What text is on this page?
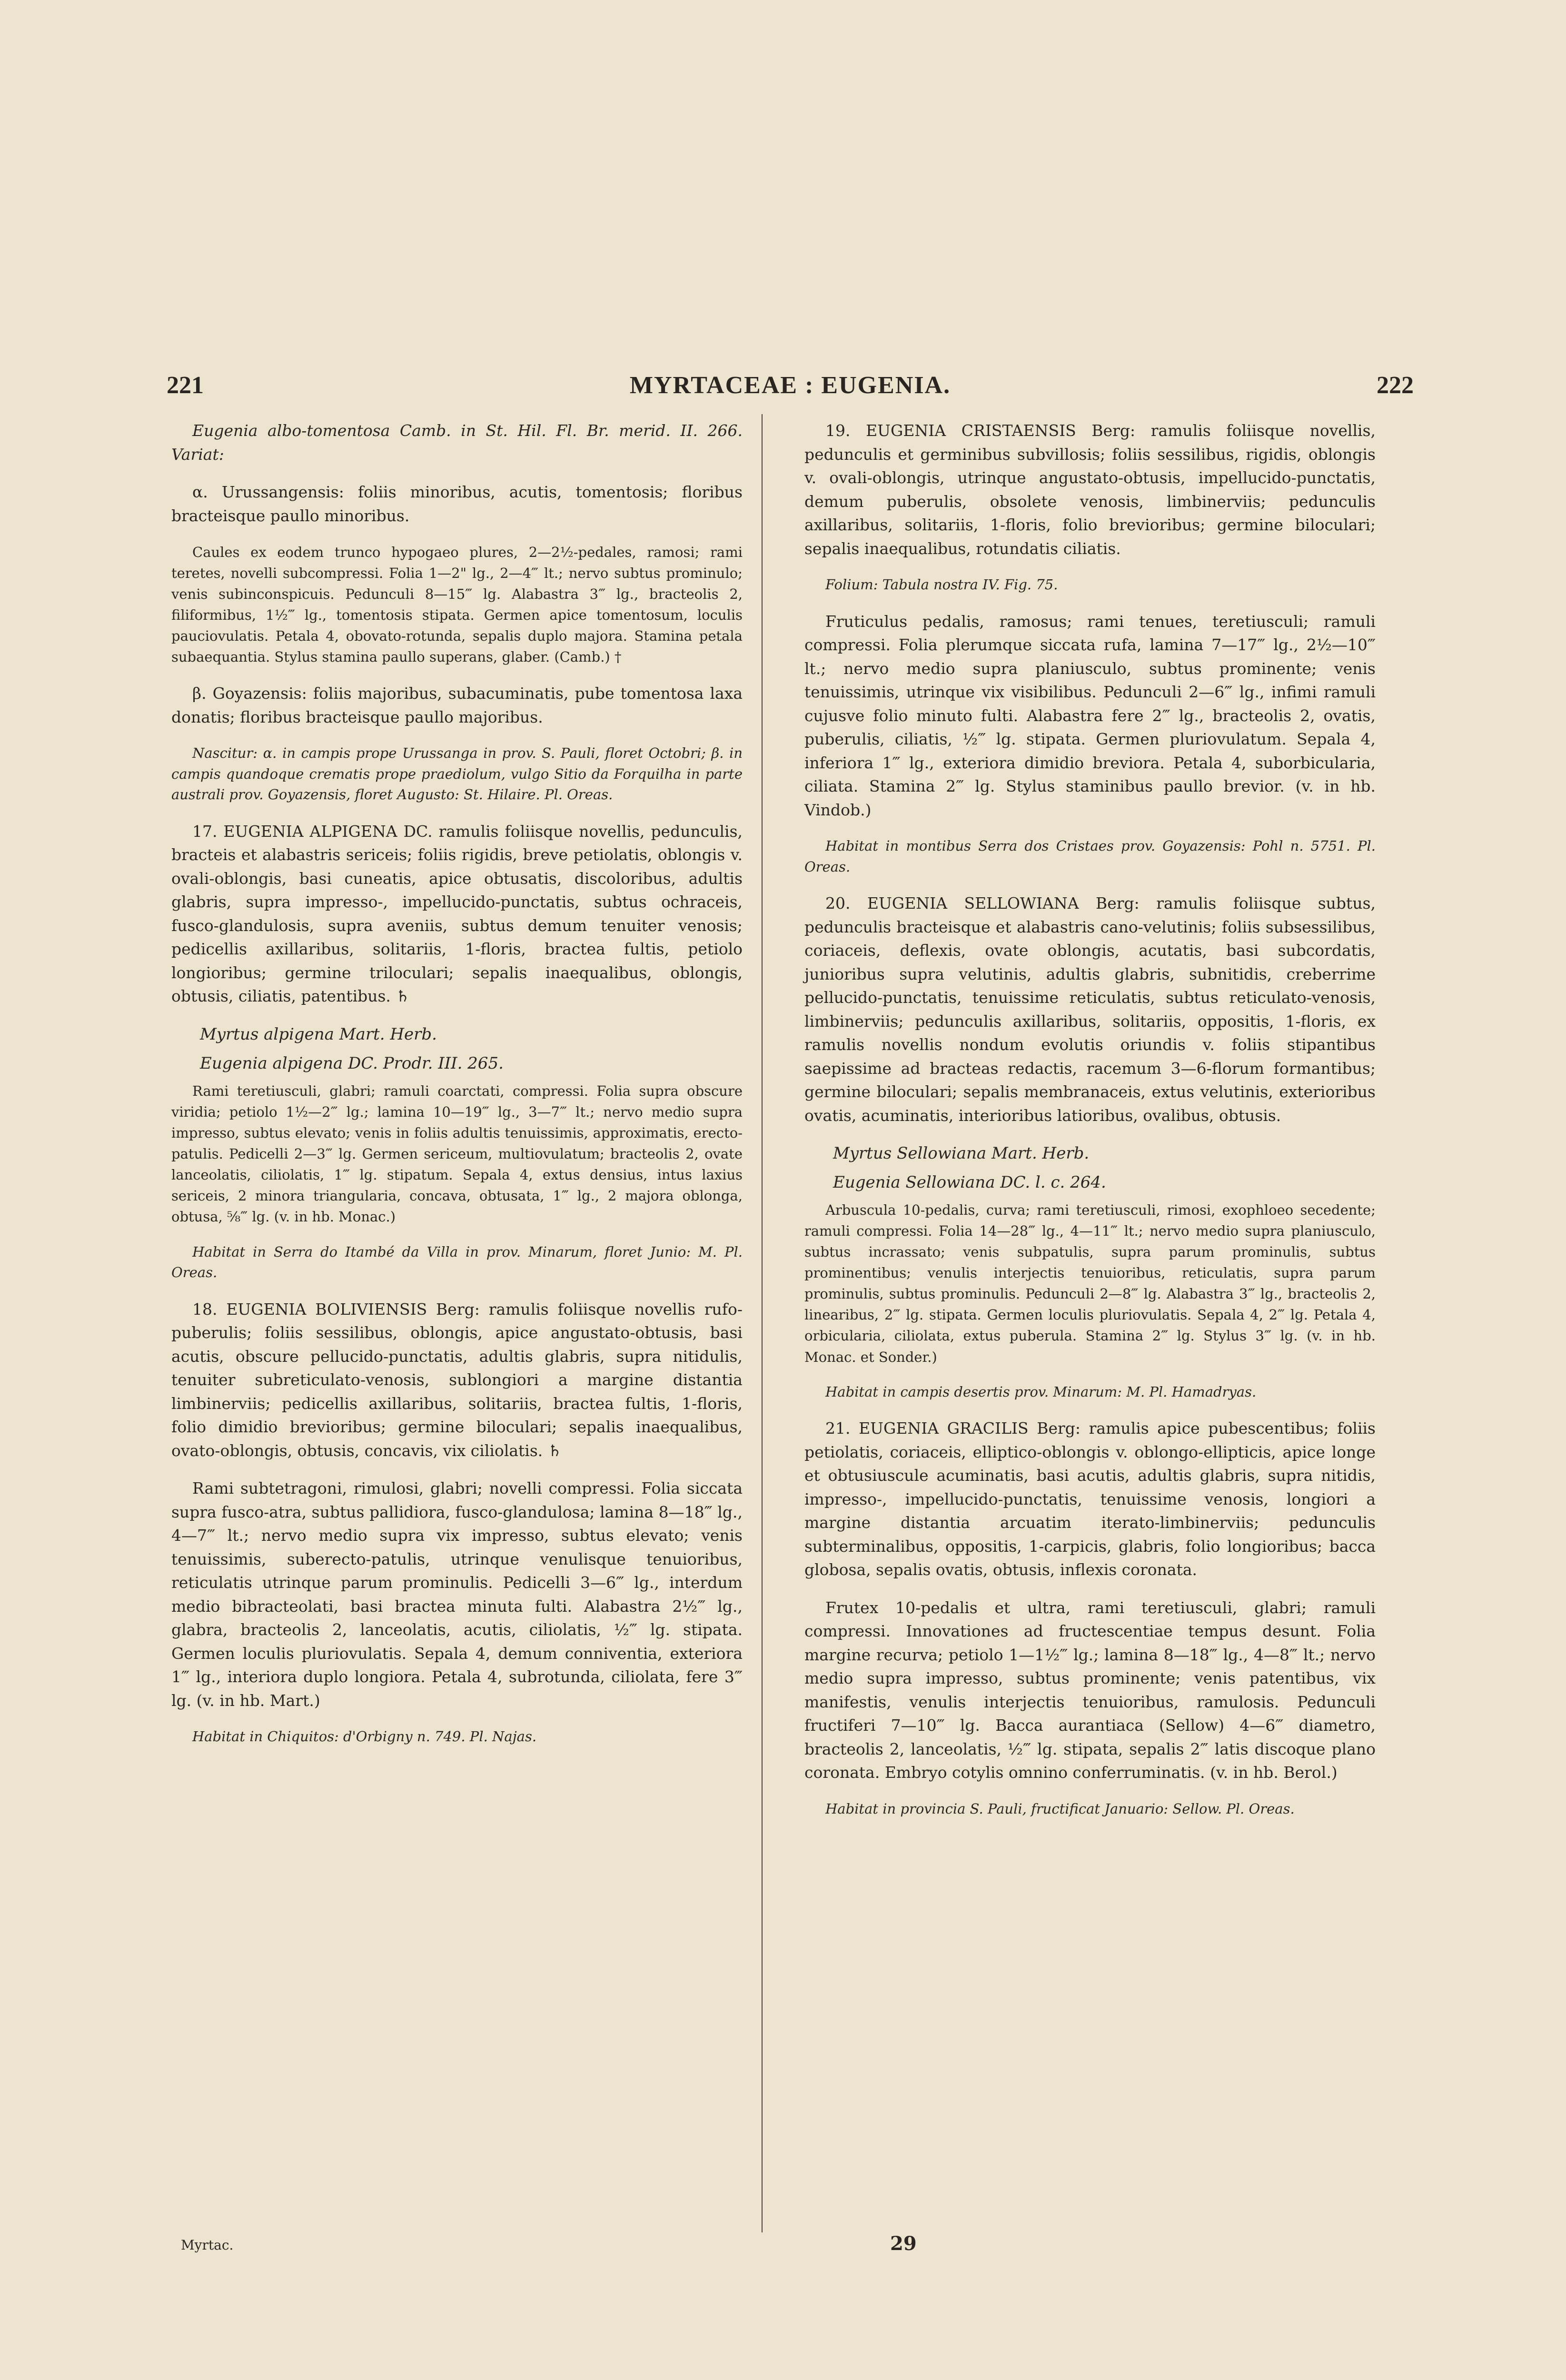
221	MYRTACEAE : EUGENIA.	222

Eugenia albo-tomentosa Camb. in St. Hil. Fl. Br. merid. II. 266. Variat:

α. Urussangensis: foliis minoribus, acutis, tomentosis; floribus bracteisque paullo minoribus.

Caules ex eodem trunco hypogaeo plures, 2—2½-pedales, ramosi; rami teretes, novelli subcompressi. Folia 1—2" lg., 2—4‴ lt.; nervo subtus prominulo; venis subinconspicuis. Pedunculi 8—15‴ lg. Alabastra 3‴ lg., bracteolis 2, filiformibus, 1½‴ lg., tomentosis stipata. Germen apice tomentosum, loculis pauciovulatis. Petala 4, obovato-rotunda, sepalis duplo majora. Stamina petala subaequantia. Stylus stamina paullo superans, glaber. (Camb.) †

β. Goyazensis: foliis majoribus, subacuminatis, pube tomentosa laxa donatis; floribus bracteisque paullo majoribus.

Nascitur: α. in campis prope Urussanga in prov. S. Pauli, floret Octobri; β. in campis quandoque crematis prope praediolum, vulgo Sitio da Forquilha in parte australi prov. Goyazensis, floret Augusto: St. Hilaire. Pl. Oreas.

17. EUGENIA ALPIGENA DC. ramulis foliisque novellis, pedunculis, bracteis et alabastris sericeis; foliis rigidis, breve petiolatis, oblongis v. ovali-oblongis, basi cuneatis, apice obtusatis, discoloribus, adultis glabris, supra impresso-, impellucido-punctatis, subtus ochraceis, fusco-glandulosis, supra aveniis, subtus demum tenuiter venosis; pedicellis axillaribus, solitariis, 1-floris, bractea fultis, petiolo longioribus; germine triloculari; sepalis inaequalibus, oblongis, obtusis, ciliatis, patentibus. ♄

Myrtus alpigena Mart. Herb.

Eugenia alpigena DC. Prodr. III. 265.

Rami teretiusculi, glabri; ramuli coarctati, compressi. Folia supra obscure viridia; petiolo 1½—2‴ lg.; lamina 10—19‴ lg., 3—7‴ lt.; nervo medio supra impresso, subtus elevato; venis in foliis adultis tenuissimis, approximatis, erecto-patulis. Pedicelli 2—3‴ lg. Germen sericeum, multiovulatum; bracteolis 2, ovate lanceolatis, ciliolatis, 1‴ lg. stipatum. Sepala 4, extus densius, intus laxius sericeis, 2 minora triangularia, concava, obtusata, 1‴ lg., 2 majora oblonga, obtusa, ⅝‴ lg. (v. in hb. Monac.)

Habitat in Serra do Itambé da Villa in prov. Minarum, floret Junio: M. Pl. Oreas.

18. EUGENIA BOLIVIENSIS Berg: ramulis foliisque novellis rufo-puberulis; foliis sessilibus, oblongis, apice angustato-obtusis, basi acutis, obscure pellucido-punctatis, adultis glabris, supra nitidulis, tenuiter subreticulato-venosis, sublongiori a margine distantia limbinerviis; pedicellis axillaribus, solitariis, bractea fultis, 1-floris, folio dimidio brevioribus; germine biloculari; sepalis inaequalibus, ovato-oblongis, obtusis, concavis, vix ciliolatis. ♄

Rami subtetragoni, rimulosi, glabri; novelli compressi. Folia siccata supra fusco-atra, subtus pallidiora, fusco-glandulosa; lamina 8—18‴ lg., 4—7‴ lt.; nervo medio supra vix impresso, subtus elevato; venis tenuissimis, suberecto-patulis, utrinque venulisque tenuioribus, reticulatis utrinque parum prominulis. Pedicelli 3—6‴ lg., interdum medio bibracteolati, basi bractea minuta fulti. Alabastra 2½‴ lg., glabra, bracteolis 2, lanceolatis, acutis, ciliolatis, ½‴ lg. stipata. Germen loculis pluriovulatis. Sepala 4, demum conniventia, exteriora 1‴ lg., interiora duplo longiora. Petala 4, subrotunda, ciliolata, fere 3‴ lg. (v. in hb. Mart.)

Habitat in Chiquitos: d'Orbigny n. 749. Pl. Najas.

19. EUGENIA CRISTAENSIS Berg: ramulis foliisque novellis, pedunculis et germinibus subvillosis; foliis sessilibus, rigidis, oblongis v. ovali-oblongis, utrinque angustato-obtusis, impellucido-punctatis, demum puberulis, obsolete venosis, limbinerviis; pedunculis axillaribus, solitariis, 1-floris, folio brevioribus; germine biloculari; sepalis inaequalibus, rotundatis ciliatis.

Folium: Tabula nostra IV. Fig. 75.

Fruticulus pedalis, ramosus; rami tenues, teretiusculi; ramuli compressi. Folia plerumque siccata rufa, lamina 7—17‴ lg., 2½—10‴ lt.; nervo medio supra planiusculo, subtus prominente; venis tenuissimis, utrinque vix visibilibus. Pedunculi 2—6‴ lg., infimi ramuli cujusve folio minuto fulti. Alabastra fere 2‴ lg., bracteolis 2, ovatis, puberulis, ciliatis, ½‴ lg. stipata. Germen pluriovulatum. Sepala 4, inferiora 1‴ lg., exteriora dimidio breviora. Petala 4, suborbicularia, ciliata. Stamina 2‴ lg. Stylus staminibus paullo brevior. (v. in hb. Vindob.)

Habitat in montibus Serra dos Cristaes prov. Goyazensis: Pohl n. 5751. Pl. Oreas.

20. EUGENIA SELLOWIANA Berg: ramulis foliisque subtus, pedunculis bracteisque et alabastris cano-velutinis; foliis subsessilibus, coriaceis, deflexis, ovate oblongis, acutatis, basi subcordatis, junioribus supra velutinis, adultis glabris, subnitidis, creberrime pellucido-punctatis, tenuissime reticulatis, subtus reticulato-venosis, limbinerviis; pedunculis axillaribus, solitariis, oppositis, 1-floris, ex ramulis novellis nondum evolutis oriundis v. foliis stipantibus saepissime ad bracteas redactis, racemum 3—6-florum formantibus; germine biloculari; sepalis membranaceis, extus velutinis, exterioribus ovatis, acuminatis, interioribus latioribus, ovalibus, obtusis.

Myrtus Sellowiana Mart. Herb.

Eugenia Sellowiana DC. l. c. 264.

Arbuscula 10-pedalis, curva; rami teretiusculi, rimosi, exophloeo secedente; ramuli compressi. Folia 14—28‴ lg., 4—11‴ lt.; nervo medio supra planiusculo, subtus incrassato; venis subpatulis, supra parum prominulis, subtus prominentibus; venulis interjectis tenuioribus, reticulatis, supra parum prominulis, subtus prominulis. Pedunculi 2—8‴ lg. Alabastra 3‴ lg., bracteolis 2, linearibus, 2‴ lg. stipata. Germen loculis pluriovulatis. Sepala 4, 2‴ lg. Petala 4, orbicularia, ciliolata, extus puberula. Stamina 2‴ lg. Stylus 3‴ lg. (v. in hb. Monac. et Sonder.)

Habitat in campis desertis prov. Minarum: M. Pl. Hamadryas.

21. EUGENIA GRACILIS Berg: ramulis apice pubescentibus; foliis petiolatis, coriaceis, elliptico-oblongis v. oblongo-ellipticis, apice longe et obtusiuscule acuminatis, basi acutis, adultis glabris, supra nitidis, impresso-, impellucido-punctatis, tenuissime venosis, longiori a margine distantia arcuatim iterato-limbinerviis; pedunculis subterminalibus, oppositis, 1-carpicis, glabris, folio longioribus; bacca globosa, sepalis ovatis, obtusis, inflexis coronata.

Frutex 10-pedalis et ultra, rami teretiusculi, glabri; ramuli compressi. Innovationes ad fructescentiae tempus desunt. Folia margine recurva; petiolo 1—1½‴ lg.; lamina 8—18‴ lg., 4—8‴ lt.; nervo medio supra impresso, subtus prominente; venis patentibus, vix manifestis, venulis interjectis tenuioribus, ramulosis. Pedunculi fructiferi 7—10‴ lg. Bacca aurantiaca (Sellow) 4—6‴ diametro, bracteolis 2, lanceolatis, ½‴ lg. stipata, sepalis 2‴ latis discoque plano coronata. Embryo cotylis omnino conferruminatis. (v. in hb. Berol.)

Habitat in provincia S. Pauli, fructificat Januario: Sellow. Pl. Oreas.

Myrtac.	29
